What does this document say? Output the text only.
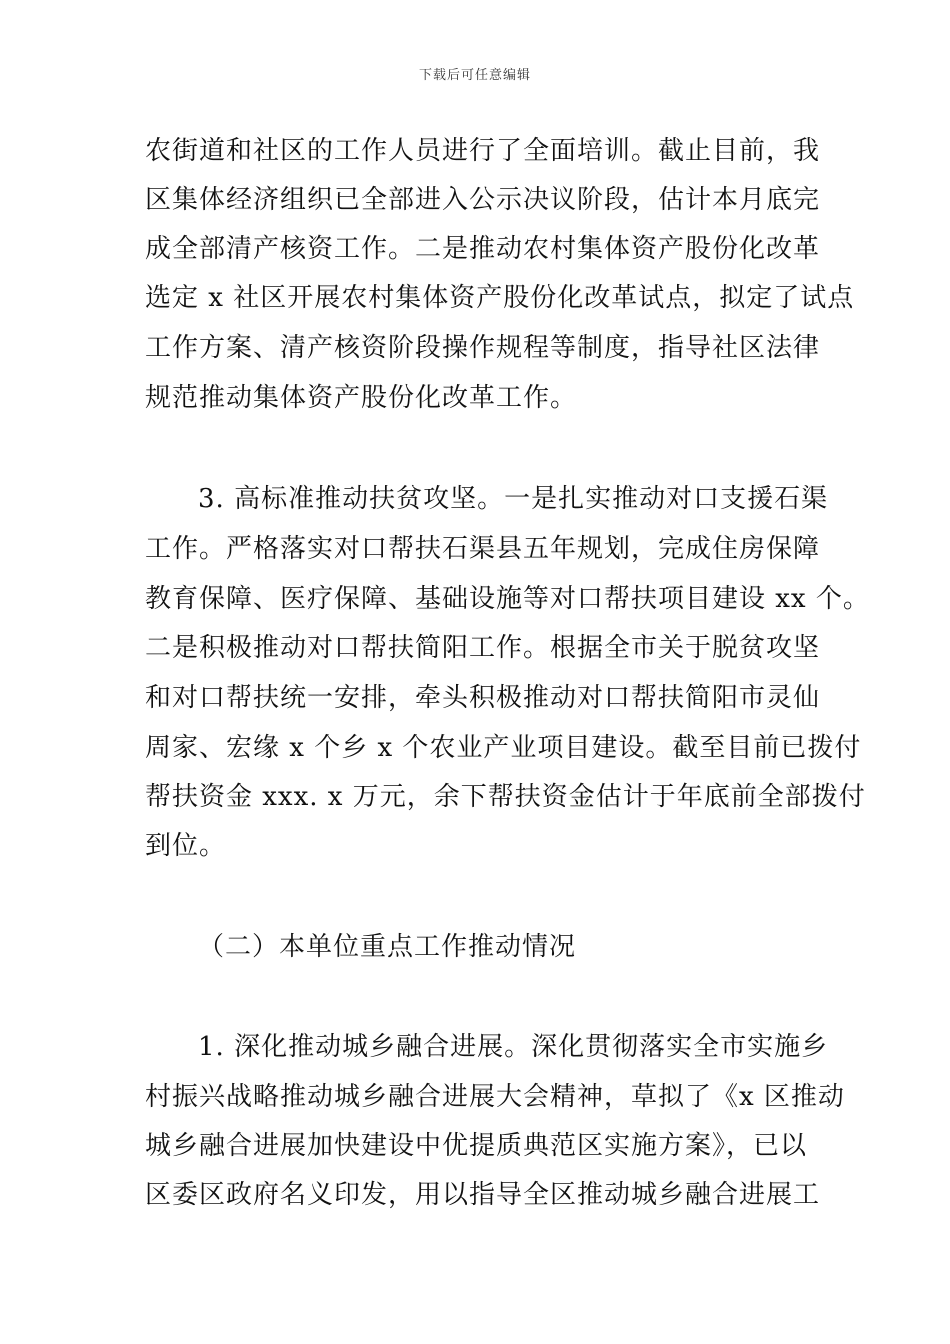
下载后可任意编辑
农街道和社区的工作人员进行了全面培训。截止目前，我
区集体经济组织已全部进入公示决议阶段，估计本月底完
成全部清产核资工作。二是推动农村集体资产股份化改革
选定 x 社区开展农村集体资产股份化改革试点，拟定了试点
工作方案、清产核资阶段操作规程等制度，指导社区法律
规范推动集体资产股份化改革工作。
3. 高标准推动扶贫攻坚。一是扎实推动对口支援石渠
工作。严格落实对口帮扶石渠县五年规划，完成住房保障
教育保障、医疗保障、基础设施等对口帮扶项目建设 xx 个。
二是积极推动对口帮扶简阳工作。根据全市关于脱贫攻坚
和对口帮扶统一安排，牵头积极推动对口帮扶简阳市灵仙
周家、宏缘 x 个乡 x 个农业产业项目建设。截至目前已拨付
帮扶资金 xxx. x 万元，余下帮扶资金估计于年底前全部拨付
到位。
（二）本单位重点工作推动情况
1. 深化推动城乡融合进展。深化贯彻落实全市实施乡
村振兴战略推动城乡融合进展大会精神，草拟了《x 区推动
城乡融合进展加快建设中优提质典范区实施方案》，已以
区委区政府名义印发，用以指导全区推动城乡融合进展工
